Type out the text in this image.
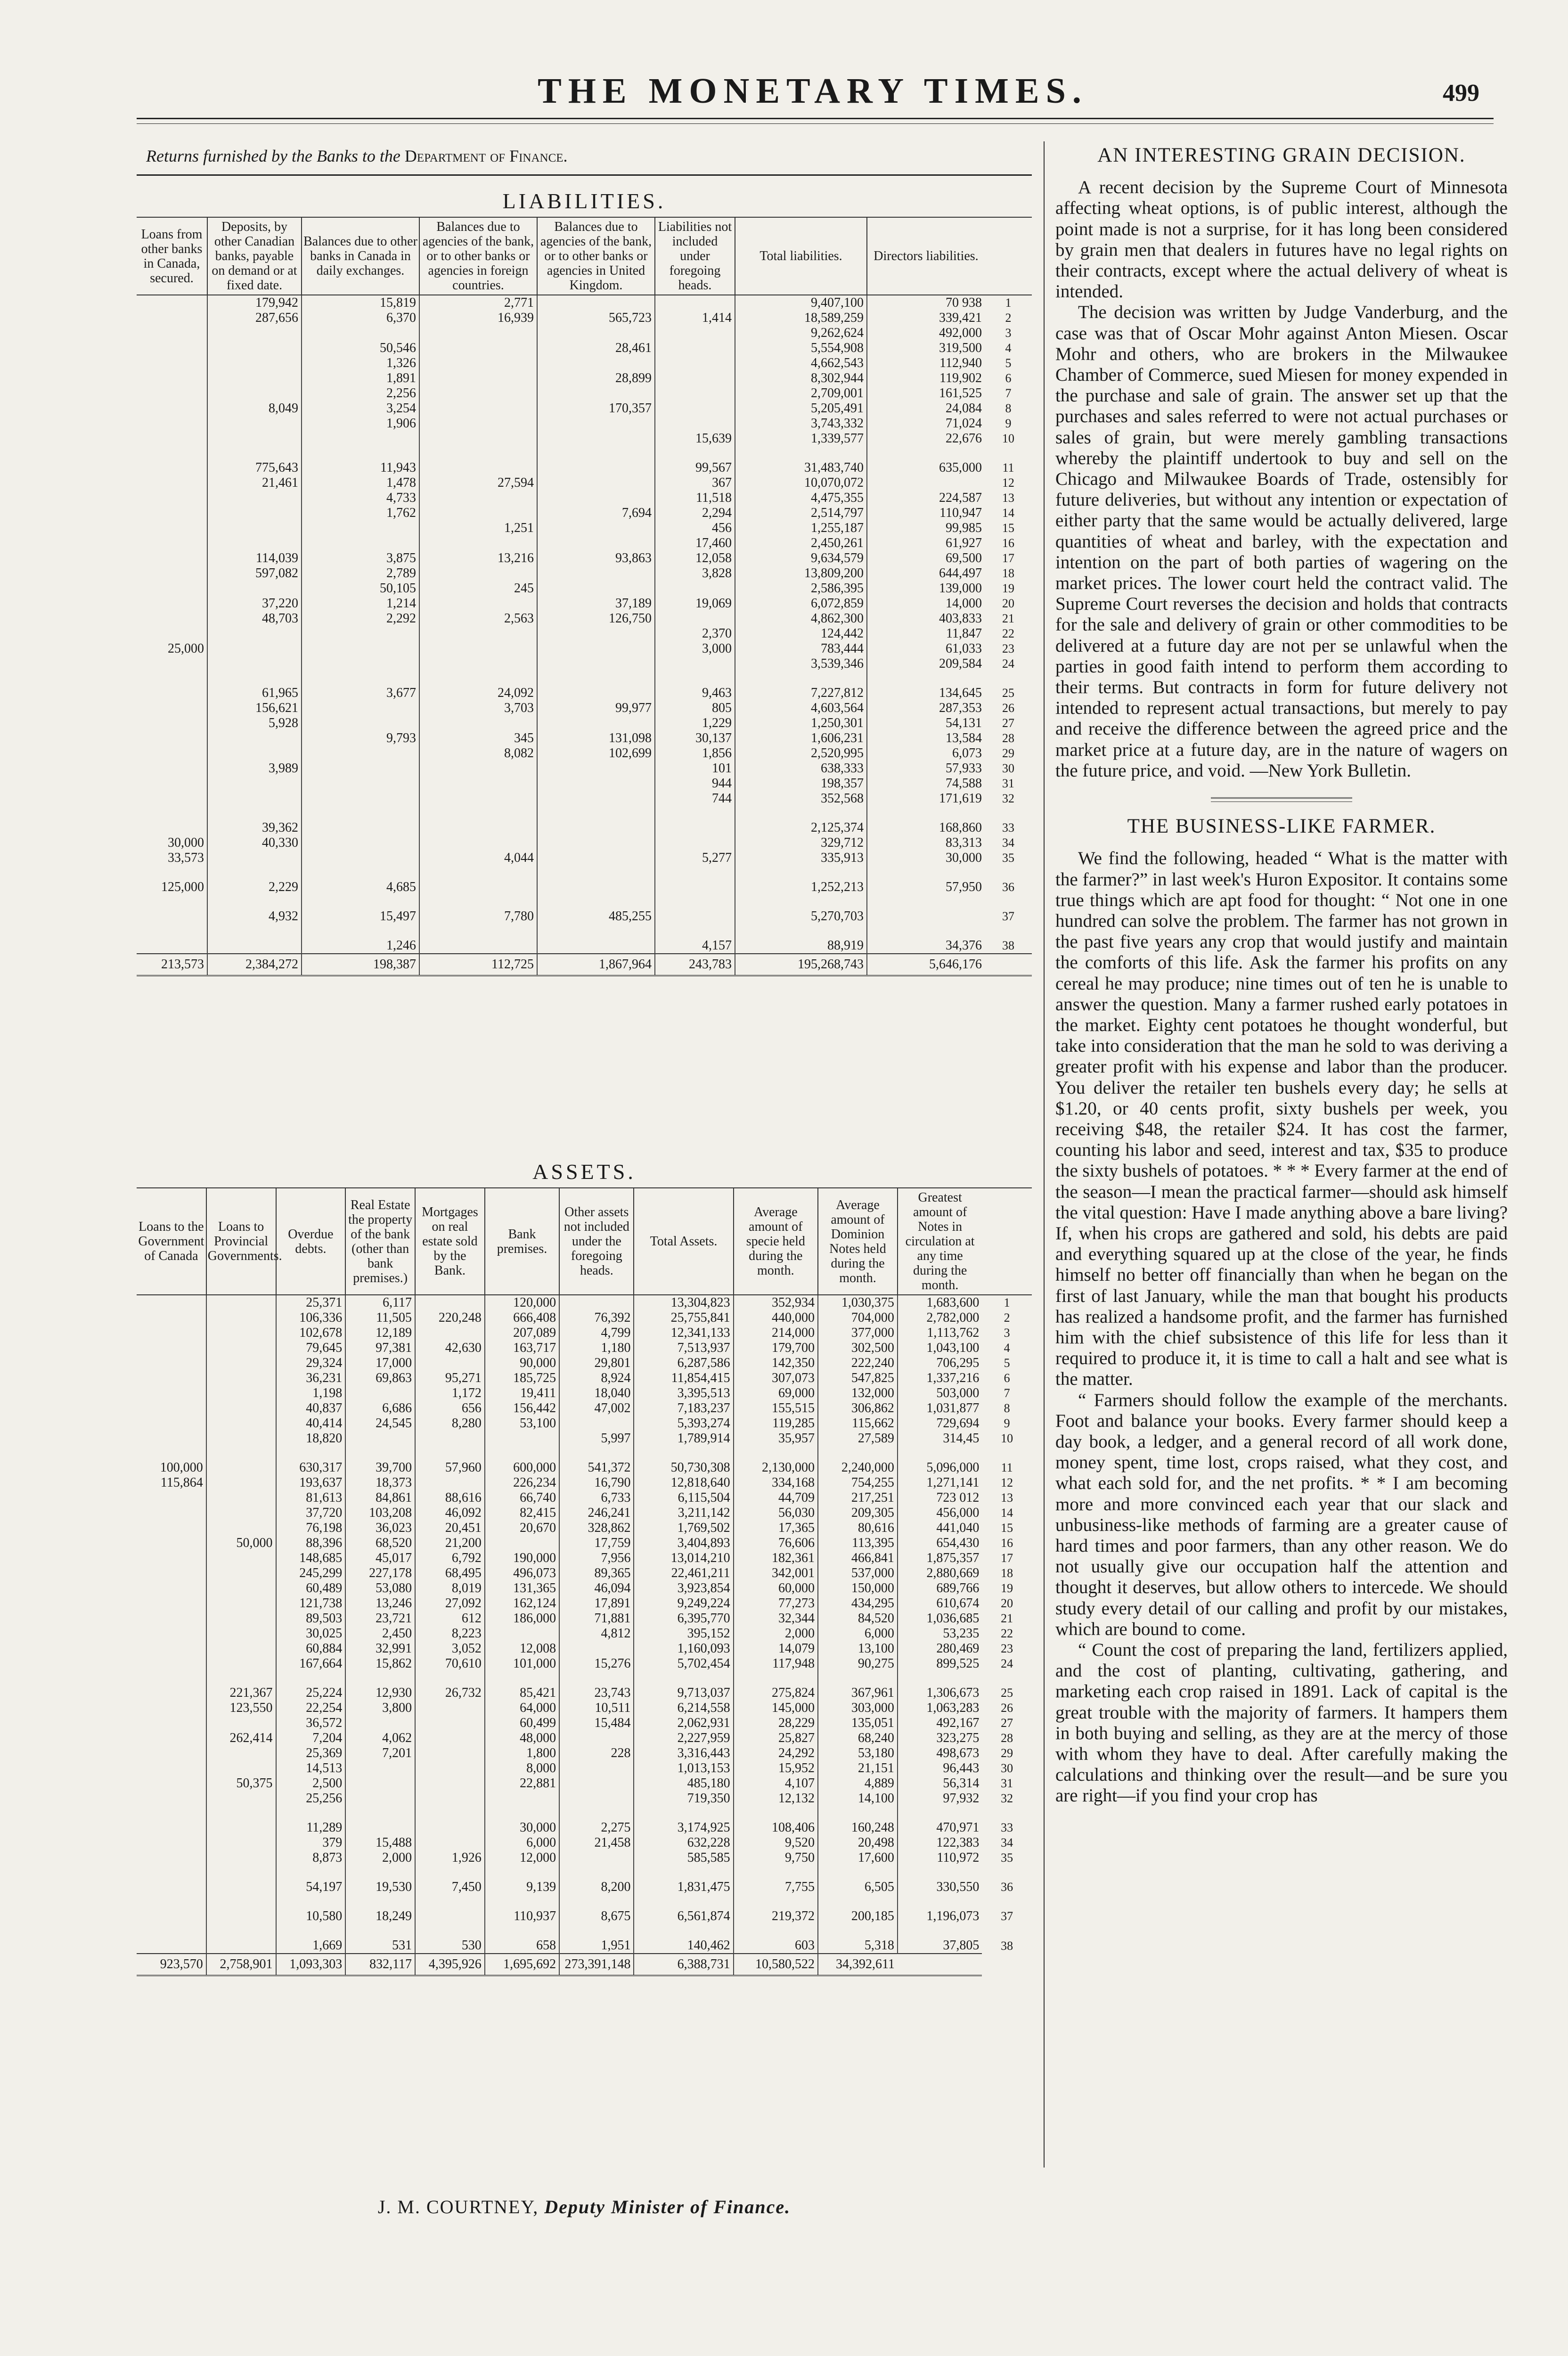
THE MONETARY TIMES.	499
Returns furnished by the Banks to the Department of Finance.
LIABILITIES.
Loans from other banks in Canada, secured.	Deposits, by other Canadian banks, payable on demand or at fixed date.	Balances due to other banks in Canada in daily exchanges.	Balances due to agencies of the bank, or to other banks or agencies in foreign countries.	Balances due to agencies of the bank, or to other banks or agencies in United Kingdom.	Liabilities not included under foregoing heads.	Total liabilities.	Directors liabilities.	
	179,942	15,819	2,771			9,407,100	70 938	1
	287,656	6,370	16,939	565,723	1,414	18,589,259	339,421	2
						9,262,624	492,000	3
		50,546		28,461		5,554,908	319,500	4
		1,326				4,662,543	112,940	5
		1,891		28,899		8,302,944	119,902	6
		2,256				2,709,001	161,525	7
	8,049	3,254		170,357		5,205,491	24,084	8
		1,906				3,743,332	71,024	9
					15,639	1,339,577	22,676	10
	775,643	11,943			99,567	31,483,740	635,000	11
	21,461	1,478	27,594		367	10,070,072		12
		4,733			11,518	4,475,355	224,587	13
		1,762		7,694	2,294	2,514,797	110,947	14
			1,251		456	1,255,187	99,985	15
					17,460	2,450,261	61,927	16
	114,039	3,875	13,216	93,863	12,058	9,634,579	69,500	17
	597,082	2,789			3,828	13,809,200	644,497	18
		50,105	245			2,586,395	139,000	19
	37,220	1,214		37,189	19,069	6,072,859	14,000	20
	48,703	2,292	2,563	126,750		4,862,300	403,833	21
					2,370	124,442	11,847	22
25,000					3,000	783,444	61,033	23
						3,539,346	209,584	24
	61,965	3,677	24,092		9,463	7,227,812	134,645	25
	156,621		3,703	99,977	805	4,603,564	287,353	26
	5,928				1,229	1,250,301	54,131	27
		9,793	345	131,098	30,137	1,606,231	13,584	28
			8,082	102,699	1,856	2,520,995	6,073	29
	3,989				101	638,333	57,933	30
					944	198,357	74,588	31
					744	352,568	171,619	32
	39,362					2,125,374	168,860	33
30,000	40,330					329,712	83,313	34
33,573			4,044		5,277	335,913	30,000	35
125,000	2,229	4,685				1,252,213	57,950	36
	4,932	15,497	7,780	485,255		5,270,703		37
		1,246			4,157	88,919	34,376	38
213,573	2,384,272	198,387	112,725	1,867,964	243,783	195,268,743	5,646,176	
ASSETS.
Loans to the Government of Canada	Loans to Provincial Governments.	Overdue debts.	Real Estate the property of the bank (other than bank premises.)	Mortgages on real estate sold by the Bank.	Bank premises.	Other assets not included under the foregoing heads.	Total Assets.	Average amount of specie held during the month.	Average amount of Dominion Notes held during the month.	Greatest amount of Notes in circulation at any time during the month.	
		25,371	6,117		120,000		13,304,823	352,934	1,030,375	1,683,600	1
		106,336	11,505	220,248	666,408	76,392	25,755,841	440,000	704,000	2,782,000	2
		102,678	12,189		207,089	4,799	12,341,133	214,000	377,000	1,113,762	3
		79,645	97,381	42,630	163,717	1,180	7,513,937	179,700	302,500	1,043,100	4
		29,324	17,000		90,000	29,801	6,287,586	142,350	222,240	706,295	5
		36,231	69,863	95,271	185,725	8,924	11,854,415	307,073	547,825	1,337,216	6
		1,198		1,172	19,411	18,040	3,395,513	69,000	132,000	503,000	7
		40,837	6,686	656	156,442	47,002	7,183,237	155,515	306,862	1,031,877	8
		40,414	24,545	8,280	53,100		5,393,274	119,285	115,662	729,694	9
		18,820				5,997	1,789,914	35,957	27,589	314,45	10
100,000		630,317	39,700	57,960	600,000	541,372	50,730,308	2,130,000	2,240,000	5,096,000	11
115,864		193,637	18,373		226,234	16,790	12,818,640	334,168	754,255	1,271,141	12
		81,613	84,861	88,616	66,740	6,733	6,115,504	44,709	217,251	723 012	13
		37,720	103,208	46,092	82,415	246,241	3,211,142	56,030	209,305	456,000	14
		76,198	36,023	20,451	20,670	328,862	1,769,502	17,365	80,616	441,040	15
	50,000	88,396	68,520	21,200		17,759	3,404,893	76,606	113,395	654,430	16
		148,685	45,017	6,792	190,000	7,956	13,014,210	182,361	466,841	1,875,357	17
		245,299	227,178	68,495	496,073	89,365	22,461,211	342,001	537,000	2,880,669	18
		60,489	53,080	8,019	131,365	46,094	3,923,854	60,000	150,000	689,766	19
		121,738	13,246	27,092	162,124	17,891	9,249,224	77,273	434,295	610,674	20
		89,503	23,721	612	186,000	71,881	6,395,770	32,344	84,520	1,036,685	21
		30,025	2,450	8,223		4,812	395,152	2,000	6,000	53,235	22
		60,884	32,991	3,052	12,008		1,160,093	14,079	13,100	280,469	23
		167,664	15,862	70,610	101,000	15,276	5,702,454	117,948	90,275	899,525	24
	221,367	25,224	12,930	26,732	85,421	23,743	9,713,037	275,824	367,961	1,306,673	25
	123,550	22,254	3,800		64,000	10,511	6,214,558	145,000	303,000	1,063,283	26
		36,572			60,499	15,484	2,062,931	28,229	135,051	492,167	27
	262,414	7,204	4,062		48,000		2,227,959	25,827	68,240	323,275	28
		25,369	7,201		1,800	228	3,316,443	24,292	53,180	498,673	29
		14,513			8,000		1,013,153	15,952	21,151	96,443	30
	50,375	2,500			22,881		485,180	4,107	4,889	56,314	31
		25,256					719,350	12,132	14,100	97,932	32
		11,289			30,000	2,275	3,174,925	108,406	160,248	470,971	33
		379	15,488		6,000	21,458	632,228	9,520	20,498	122,383	34
		8,873	2,000	1,926	12,000		585,585	9,750	17,600	110,972	35
		54,197	19,530	7,450	9,139	8,200	1,831,475	7,755	6,505	330,550	36
		10,580	18,249		110,937	8,675	6,561,874	219,372	200,185	1,196,073	37
		1,669	531	530	658	1,951	140,462	603	5,318	37,805	38
923,570	2,758,901	1,093,303	832,117	4,395,926	1,695,692	273,391,148	6,388,731	10,580,522	34,392,611		
J. M. COURTNEY, Deputy Minister of Finance.
AN INTERESTING GRAIN DECISION.

A recent decision by the Supreme Court of Minnesota affecting wheat options, is of public interest, although the point made is not a surprise, for it has long been considered by grain men that dealers in futures have no legal rights on their contracts, except where the actual delivery of wheat is intended.

The decision was written by Judge Vanderburg, and the case was that of Oscar Mohr against Anton Miesen. Oscar Mohr and others, who are brokers in the Milwaukee Chamber of Commerce, sued Miesen for money expended in the purchase and sale of grain. The answer set up that the purchases and sales referred to were not actual purchases or sales of grain, but were merely gambling transactions whereby the plaintiff undertook to buy and sell on the Chicago and Milwaukee Boards of Trade, ostensibly for future deliveries, but without any intention or expectation of either party that the same would be actually delivered, large quantities of wheat and barley, with the expectation and intention on the part of both parties of wagering on the market prices. The lower court held the contract valid. The Supreme Court reverses the decision and holds that contracts for the sale and delivery of grain or other commodities to be delivered at a future day are not per se unlawful when the parties in good faith intend to perform them according to their terms. But contracts in form for future delivery not intended to represent actual transactions, but merely to pay and receive the difference between the agreed price and the market price at a future day, are in the nature of wagers on the future price, and void. —New York Bulletin.

THE BUSINESS-LIKE FARMER.

We find the following, headed “ What is the matter with the farmer?” in last week's Huron Expositor. It contains some true things which are apt food for thought: “ Not one in one hundred can solve the problem. The farmer has not grown in the past five years any crop that would justify and maintain the comforts of this life. Ask the farmer his profits on any cereal he may produce; nine times out of ten he is unable to answer the question. Many a farmer rushed early potatoes in the market. Eighty cent potatoes he thought wonderful, but take into consideration that the man he sold to was deriving a greater profit with his expense and labor than the producer. You deliver the retailer ten bushels every day; he sells at $1.20, or 40 cents profit, sixty bushels per week, you receiving $48, the retailer $24. It has cost the farmer, counting his labor and seed, interest and tax, $35 to produce the sixty bushels of potatoes. * * * Every farmer at the end of the season—I mean the practical farmer—should ask himself the vital question: Have I made anything above a bare living? If, when his crops are gathered and sold, his debts are paid and everything squared up at the close of the year, he finds himself no better off financially than when he began on the first of last January, while the man that bought his products has realized a handsome profit, and the farmer has furnished him with the chief subsistence of this life for less than it required to produce it, it is time to call a halt and see what is the matter.

“ Farmers should follow the example of the merchants. Foot and balance your books. Every farmer should keep a day book, a ledger, and a general record of all work done, money spent, time lost, crops raised, what they cost, and what each sold for, and the net profits. * * I am becoming more and more convinced each year that our slack and unbusiness-like methods of farming are a greater cause of hard times and poor farmers, than any other reason. We do not usually give our occupation half the attention and thought it deserves, but allow others to intercede. We should study every detail of our calling and profit by our mistakes, which are bound to come.

“ Count the cost of preparing the land, fertilizers applied, and the cost of planting, cultivating, gathering, and marketing each crop raised in 1891. Lack of capital is the great trouble with the majority of farmers. It hampers them in both buying and selling, as they are at the mercy of those with whom they have to deal. After carefully making the calculations and thinking over the result—and be sure you are right—if you find your crop has
